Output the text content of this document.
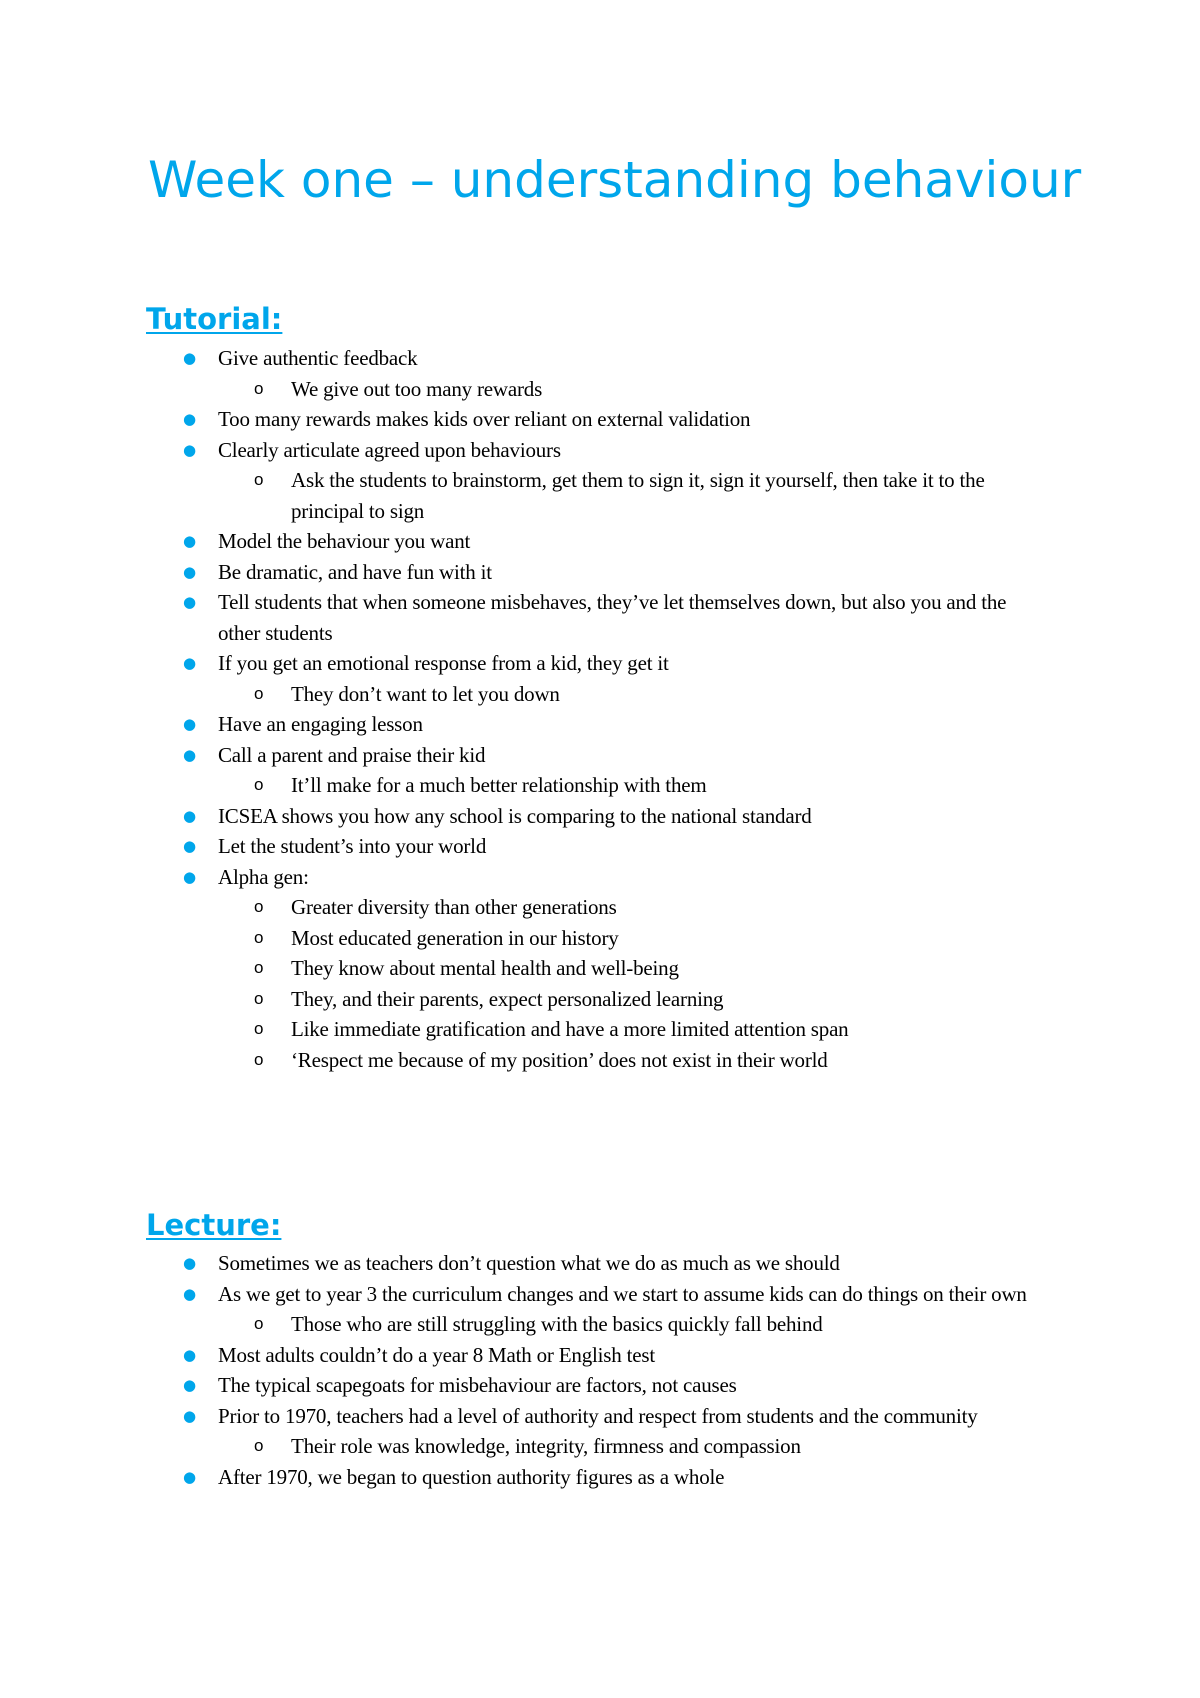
Week one – understanding behaviour
Tutorial:
● Give authentic feedback
o We give out too many rewards
● Too many rewards makes kids over reliant on external validation
● Clearly articulate agreed upon behaviours
o Ask the students to brainstorm, get them to sign it, sign it yourself, then take it to the principal to sign
● Model the behaviour you want
● Be dramatic, and have fun with it
● Tell students that when someone misbehaves, they’ve let themselves down, but also you and the other students
● If you get an emotional response from a kid, they get it
o They don’t want to let you down
● Have an engaging lesson
● Call a parent and praise their kid
o It’ll make for a much better relationship with them
● ICSEA shows you how any school is comparing to the national standard
● Let the student’s into your world
● Alpha gen:
o Greater diversity than other generations
o Most educated generation in our history
o They know about mental health and well-being
o They, and their parents, expect personalized learning
o Like immediate gratification and have a more limited attention span
o ‘Respect me because of my position’ does not exist in their world
Lecture:
● Sometimes we as teachers don’t question what we do as much as we should
● As we get to year 3 the curriculum changes and we start to assume kids can do things on their own
o Those who are still struggling with the basics quickly fall behind
● Most adults couldn’t do a year 8 Math or English test
● The typical scapegoats for misbehaviour are factors, not causes
● Prior to 1970, teachers had a level of authority and respect from students and the community
o Their role was knowledge, integrity, firmness and compassion
● After 1970, we began to question authority figures as a whole
